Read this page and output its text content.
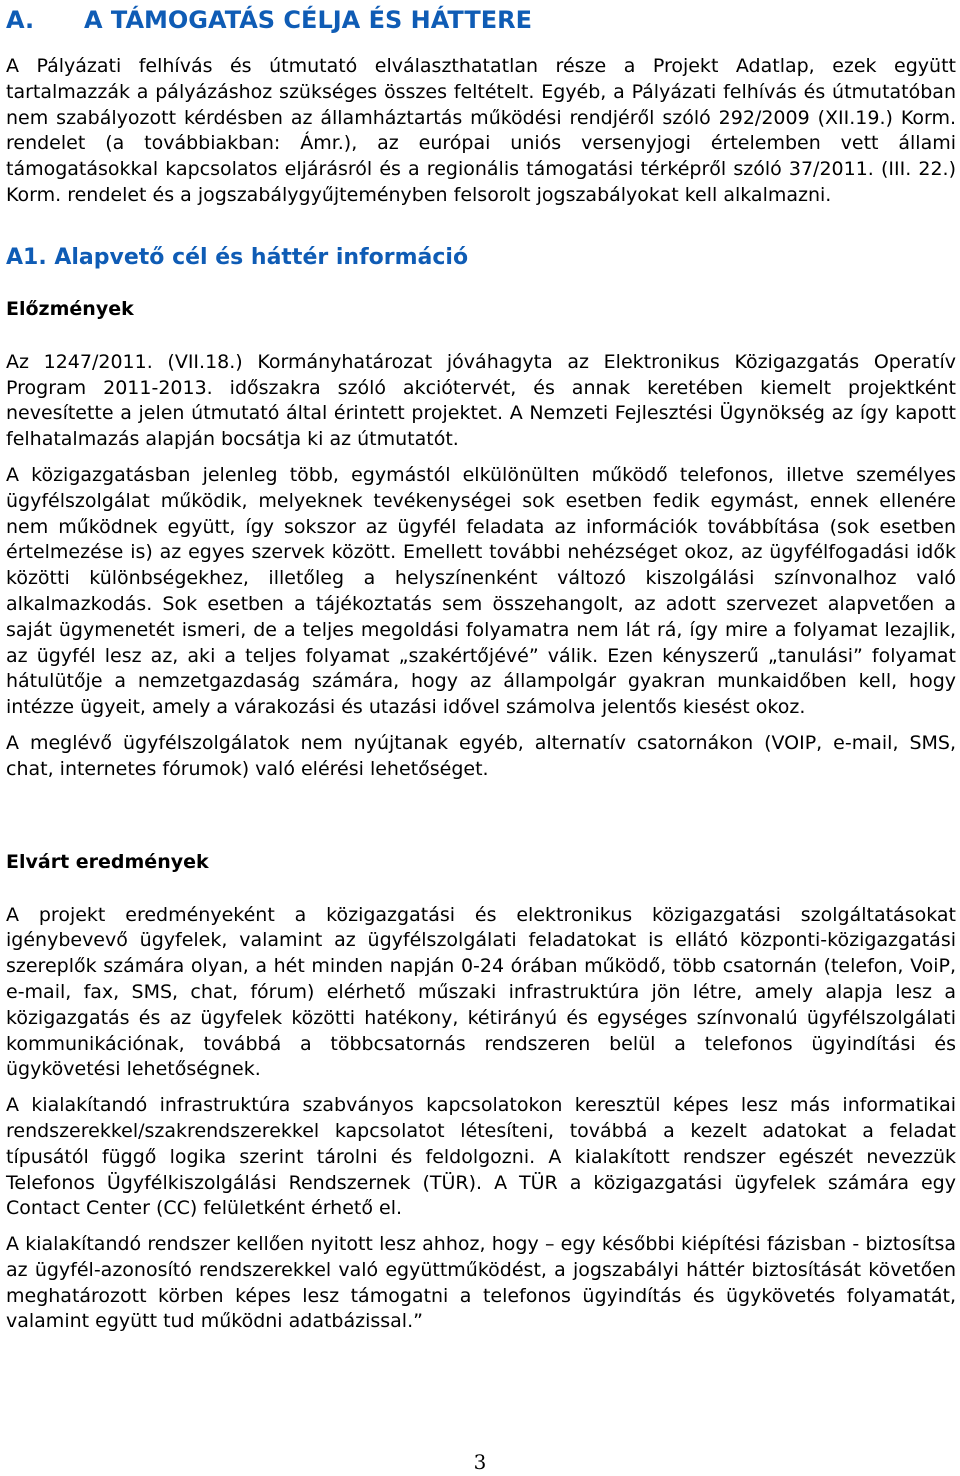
A. A TÁMOGATÁS CÉLJA ÉS HÁTTERE

A Pályázati felhívás és útmutató elválaszthatatlan része a Projekt Adatlap, ezek együtt tartalmazzák a pályázáshoz szükséges összes feltételt. Egyéb, a Pályázati felhívás és útmutatóban nem szabályozott kérdésben az államháztartás működési rendjéről szóló 292/2009 (XII.19.) Korm. rendelet (a továbbiakban: Ámr.), az európai uniós versenyjogi értelemben vett állami támogatásokkal kapcsolatos eljárásról és a regionális támogatási térképről szóló 37/2011. (III. 22.) Korm. rendelet és a jogszabálygyűjteményben felsorolt jogszabályokat kell alkalmazni.

A1. Alapvető cél és háttér információ
Előzmények

Az 1247/2011. (VII.18.) Kormányhatározat jóváhagyta az Elektronikus Közigazgatás Operatív Program 2011-2013. időszakra szóló akciótervét, és annak keretében kiemelt projektként nevesítette a jelen útmutató által érintett projektet. A Nemzeti Fejlesztési Ügynökség az így kapott felhatalmazás alapján bocsátja ki az útmutatót.

A közigazgatásban jelenleg több, egymástól elkülönülten működő telefonos, illetve személyes ügyfélszolgálat működik, melyeknek tevékenységei sok esetben fedik egymást, ennek ellenére nem működnek együtt, így sokszor az ügyfél feladata az információk továbbítása (sok esetben értelmezése is) az egyes szervek között. Emellett további nehézséget okoz, az ügyfélfogadási idők közötti különbségekhez, illetőleg a helyszínenként változó kiszolgálási színvonalhoz való alkalmazkodás. Sok esetben a tájékoztatás sem összehangolt, az adott szervezet alapvetően a saját ügymenetét ismeri, de a teljes megoldási folyamatra nem lát rá, így mire a folyamat lezajlik, az ügyfél lesz az, aki a teljes folyamat „szakértőjévé” válik. Ezen kényszerű „tanulási” folyamat hátulütője a nemzetgazdaság számára, hogy az állampolgár gyakran munkaidőben kell, hogy intézze ügyeit, amely a várakozási és utazási idővel számolva jelentős kiesést okoz.

A meglévő ügyfélszolgálatok nem nyújtanak egyéb, alternatív csatornákon (VOIP, e-mail, SMS, chat, internetes fórumok) való elérési lehetőséget.

Elvárt eredmények

A projekt eredményeként a közigazgatási és elektronikus közigazgatási szolgáltatásokat igénybevevő ügyfelek, valamint az ügyfélszolgálati feladatokat is ellátó központi-közigazgatási szereplők számára olyan, a hét minden napján 0-24 órában működő, több csatornán (telefon, VoiP, e-mail, fax, SMS, chat, fórum) elérhető műszaki infrastruktúra jön létre, amely alapja lesz a közigazgatás és az ügyfelek közötti hatékony, kétirányú és egységes színvonalú ügyfélszolgálati kommunikációnak, továbbá a többcsatornás rendszeren belül a telefonos ügyindítási és ügykövetési lehetőségnek.

A kialakítandó infrastruktúra szabványos kapcsolatokon keresztül képes lesz más informatikai rendszerekkel/szakrendszerekkel kapcsolatot létesíteni, továbbá a kezelt adatokat a feladat típusától függő logika szerint tárolni és feldolgozni. A kialakított rendszer egészét nevezzük Telefonos Ügyfélkiszolgálási Rendszernek (TÜR). A TÜR a közigazgatási ügyfelek számára egy Contact Center (CC) felületként érhető el.

A kialakítandó rendszer kellően nyitott lesz ahhoz, hogy – egy későbbi kiépítési fázisban - biztosítsa az ügyfél-azonosító rendszerekkel való együttműködést, a jogszabályi háttér biztosítását követően meghatározott körben képes lesz támogatni a telefonos ügyindítás és ügykövetés folyamatát, valamint együtt tud működni adatbázissal.”

3
